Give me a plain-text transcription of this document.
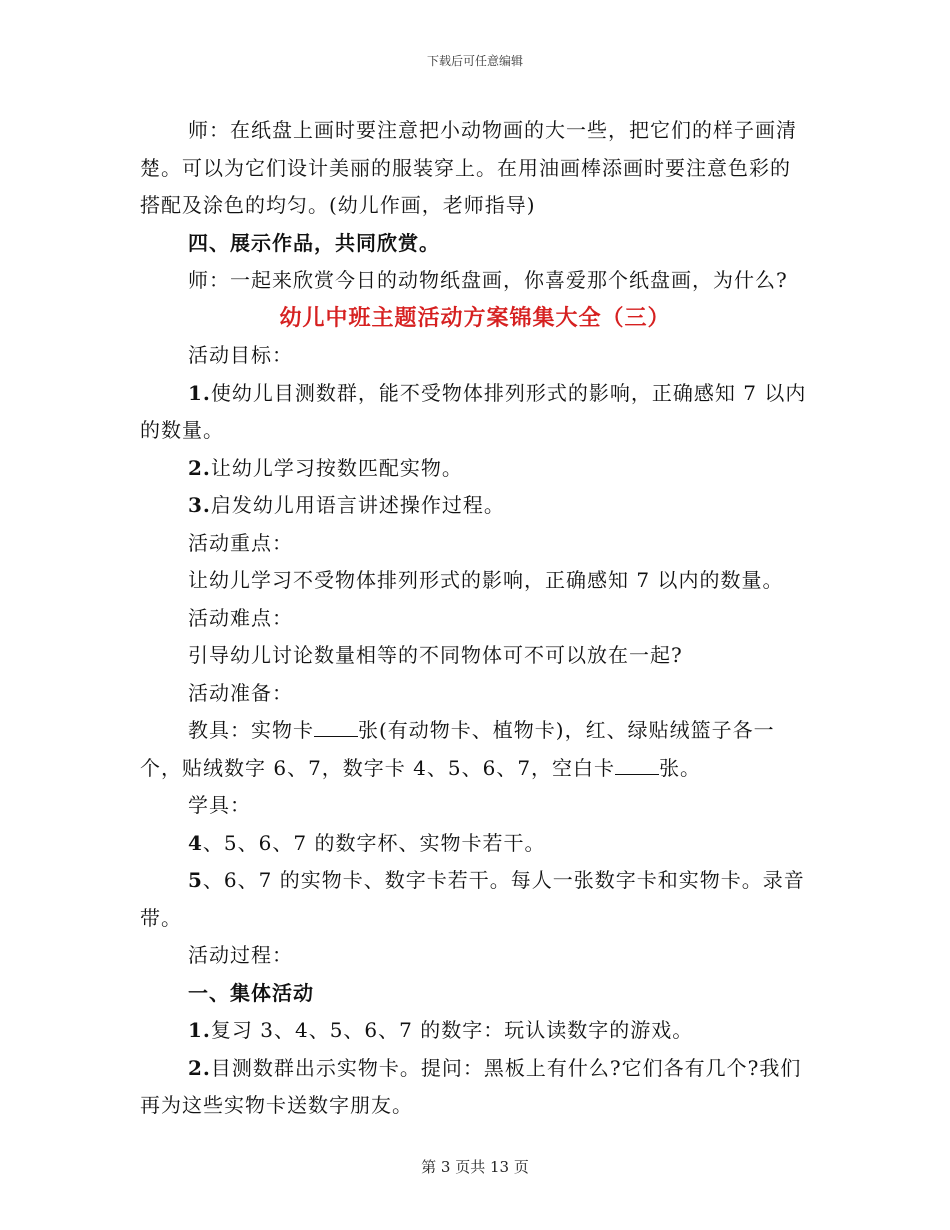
下载后可任意编辑

师：在纸盘上画时要注意把小动物画的大一些，把它们的样子画清楚。可以为它们设计美丽的服装穿上。在用油画棒添画时要注意色彩的搭配及涂色的均匀。(幼儿作画，老师指导)

四、展示作品，共同欣赏。

师：一起来欣赏今日的动物纸盘画，你喜爱那个纸盘画，为什么?

幼儿中班主题活动方案锦集大全（三）

活动目标：

1.使幼儿目测数群，能不受物体排列形式的影响，正确感知 7 以内的数量。

2.让幼儿学习按数匹配实物。

3.启发幼儿用语言讲述操作过程。

活动重点：

让幼儿学习不受物体排列形式的影响，正确感知 7 以内的数量。

活动难点：

引导幼儿讨论数量相等的不同物体可不可以放在一起?

活动准备：

教具：实物卡 张(有动物卡、植物卡)，红、绿贴绒篮子各一个，贴绒数字 6、7，数字卡 4、5、6、7，空白卡 张。

学具：

4、5、6、7 的数字杯、实物卡若干。

5、6、7 的实物卡、数字卡若干。每人一张数字卡和实物卡。录音带。

活动过程：

一、集体活动

1.复习 3、4、5、6、7 的数字：玩认读数字的游戏。

2.目测数群出示实物卡。提问：黑板上有什么?它们各有几个?我们再为这些实物卡送数字朋友。

第 3 页共 13 页
